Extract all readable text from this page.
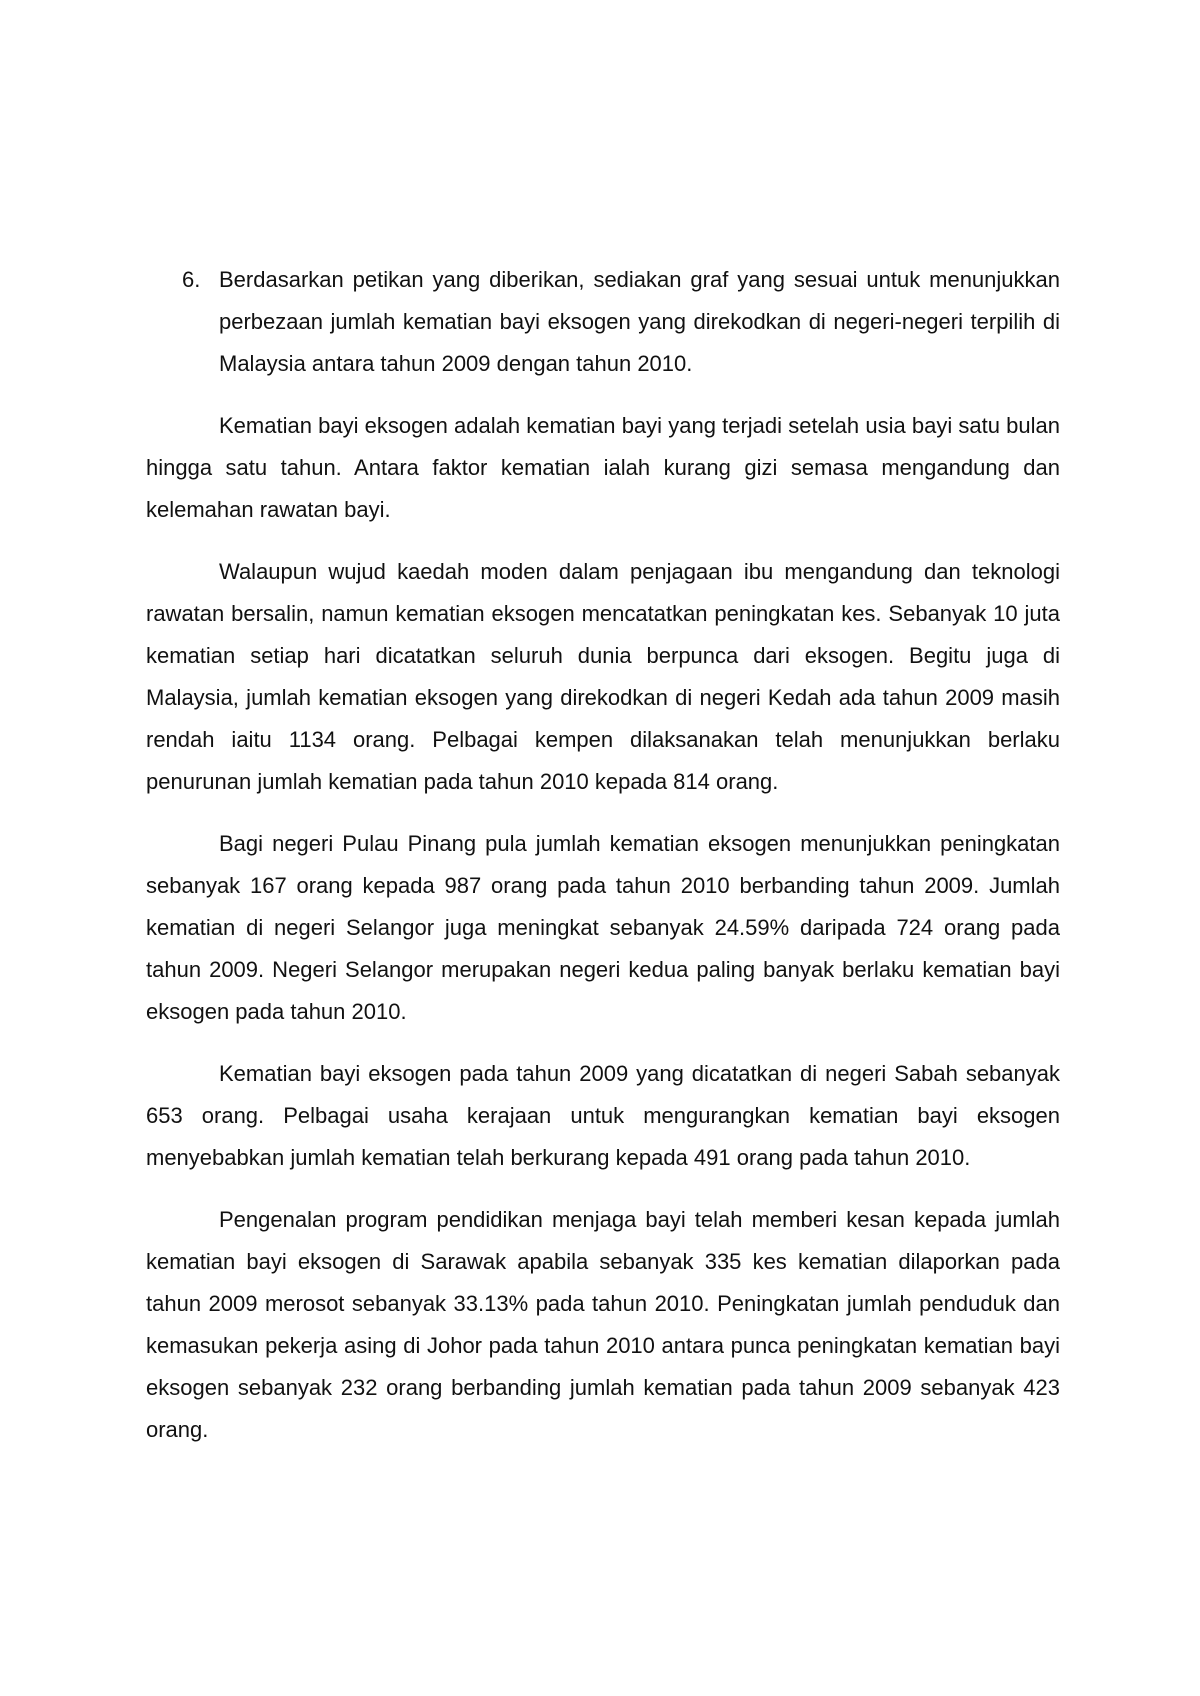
6. Berdasarkan petikan yang diberikan, sediakan graf yang sesuai untuk menunjukkan perbezaan jumlah kematian bayi eksogen yang direkodkan di negeri-negeri terpilih di Malaysia antara tahun 2009 dengan tahun 2010.

Kematian bayi eksogen adalah kematian bayi yang terjadi setelah usia bayi satu bulan hingga satu tahun. Antara faktor kematian ialah kurang gizi semasa mengandung dan kelemahan rawatan bayi.

Walaupun wujud kaedah moden dalam penjagaan ibu mengandung dan teknologi rawatan bersalin, namun kematian eksogen mencatatkan peningkatan kes. Sebanyak 10 juta kematian setiap hari dicatatkan seluruh dunia berpunca dari eksogen. Begitu juga di Malaysia, jumlah kematian eksogen yang direkodkan di negeri Kedah ada tahun 2009 masih rendah iaitu 1134 orang. Pelbagai kempen dilaksanakan telah menunjukkan berlaku penurunan jumlah kematian pada tahun 2010 kepada 814 orang.

Bagi negeri Pulau Pinang pula jumlah kematian eksogen menunjukkan peningkatan sebanyak 167 orang kepada 987 orang pada tahun 2010 berbanding tahun 2009. Jumlah kematian di negeri Selangor juga meningkat sebanyak 24.59% daripada 724 orang pada tahun 2009. Negeri Selangor merupakan negeri kedua paling banyak berlaku kematian bayi eksogen pada tahun 2010.

Kematian bayi eksogen pada tahun 2009 yang dicatatkan di negeri Sabah sebanyak 653 orang. Pelbagai usaha kerajaan untuk mengurangkan kematian bayi eksogen menyebabkan jumlah kematian telah berkurang kepada 491 orang pada tahun 2010.

Pengenalan program pendidikan menjaga bayi telah memberi kesan kepada jumlah kematian bayi eksogen di Sarawak apabila sebanyak 335 kes kematian dilaporkan pada tahun 2009 merosot sebanyak 33.13% pada tahun 2010. Peningkatan jumlah penduduk dan kemasukan pekerja asing di Johor pada tahun 2010 antara punca peningkatan kematian bayi eksogen sebanyak 232 orang berbanding jumlah kematian pada tahun 2009 sebanyak 423 orang.
